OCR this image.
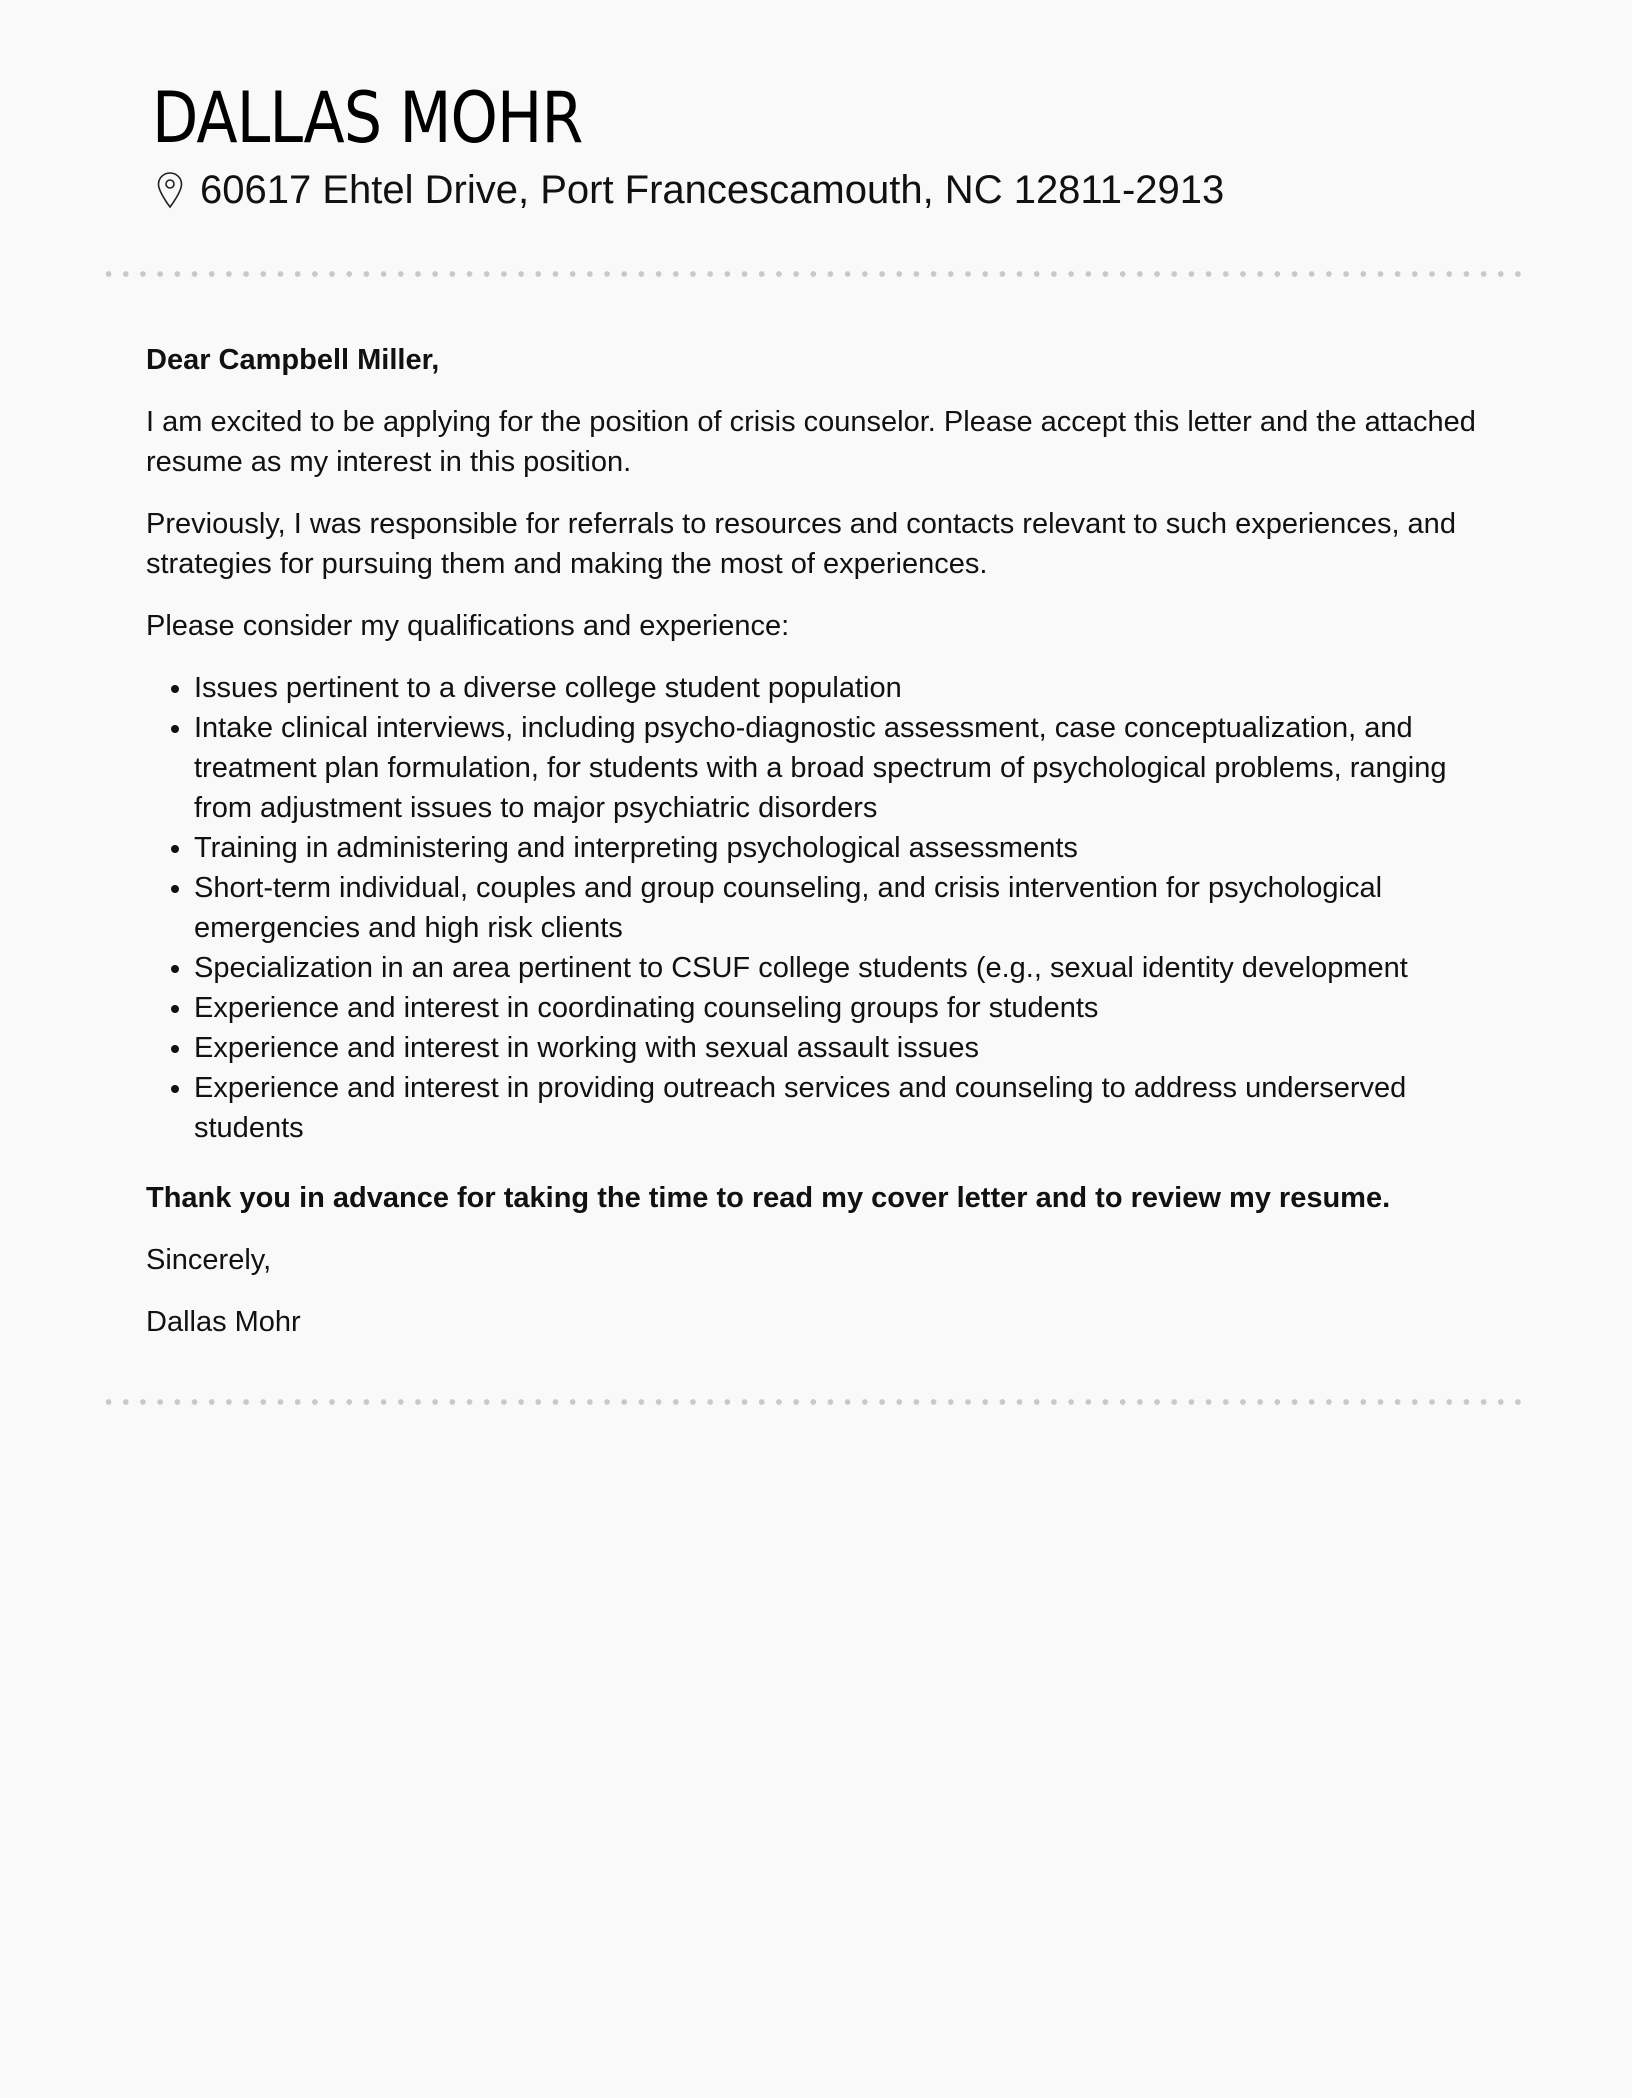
DALLAS MOHR
60617 Ehtel Drive, Port Francescamouth, NC 12811-2913

Dear Campbell Miller,

I am excited to be applying for the position of crisis counselor. Please accept this letter and the attached resume as my interest in this position.

Previously, I was responsible for referrals to resources and contacts relevant to such experiences, and strategies for pursuing them and making the most of experiences.

Please consider my qualifications and experience:

• Issues pertinent to a diverse college student population
• Intake clinical interviews, including psycho-diagnostic assessment, case conceptualization, and treatment plan formulation, for students with a broad spectrum of psychological problems, ranging from adjustment issues to major psychiatric disorders
• Training in administering and interpreting psychological assessments
• Short-term individual, couples and group counseling, and crisis intervention for psychological emergencies and high risk clients
• Specialization in an area pertinent to CSUF college students (e.g., sexual identity development
• Experience and interest in coordinating counseling groups for students
• Experience and interest in working with sexual assault issues
• Experience and interest in providing outreach services and counseling to address underserved students

Thank you in advance for taking the time to read my cover letter and to review my resume.

Sincerely,

Dallas Mohr
